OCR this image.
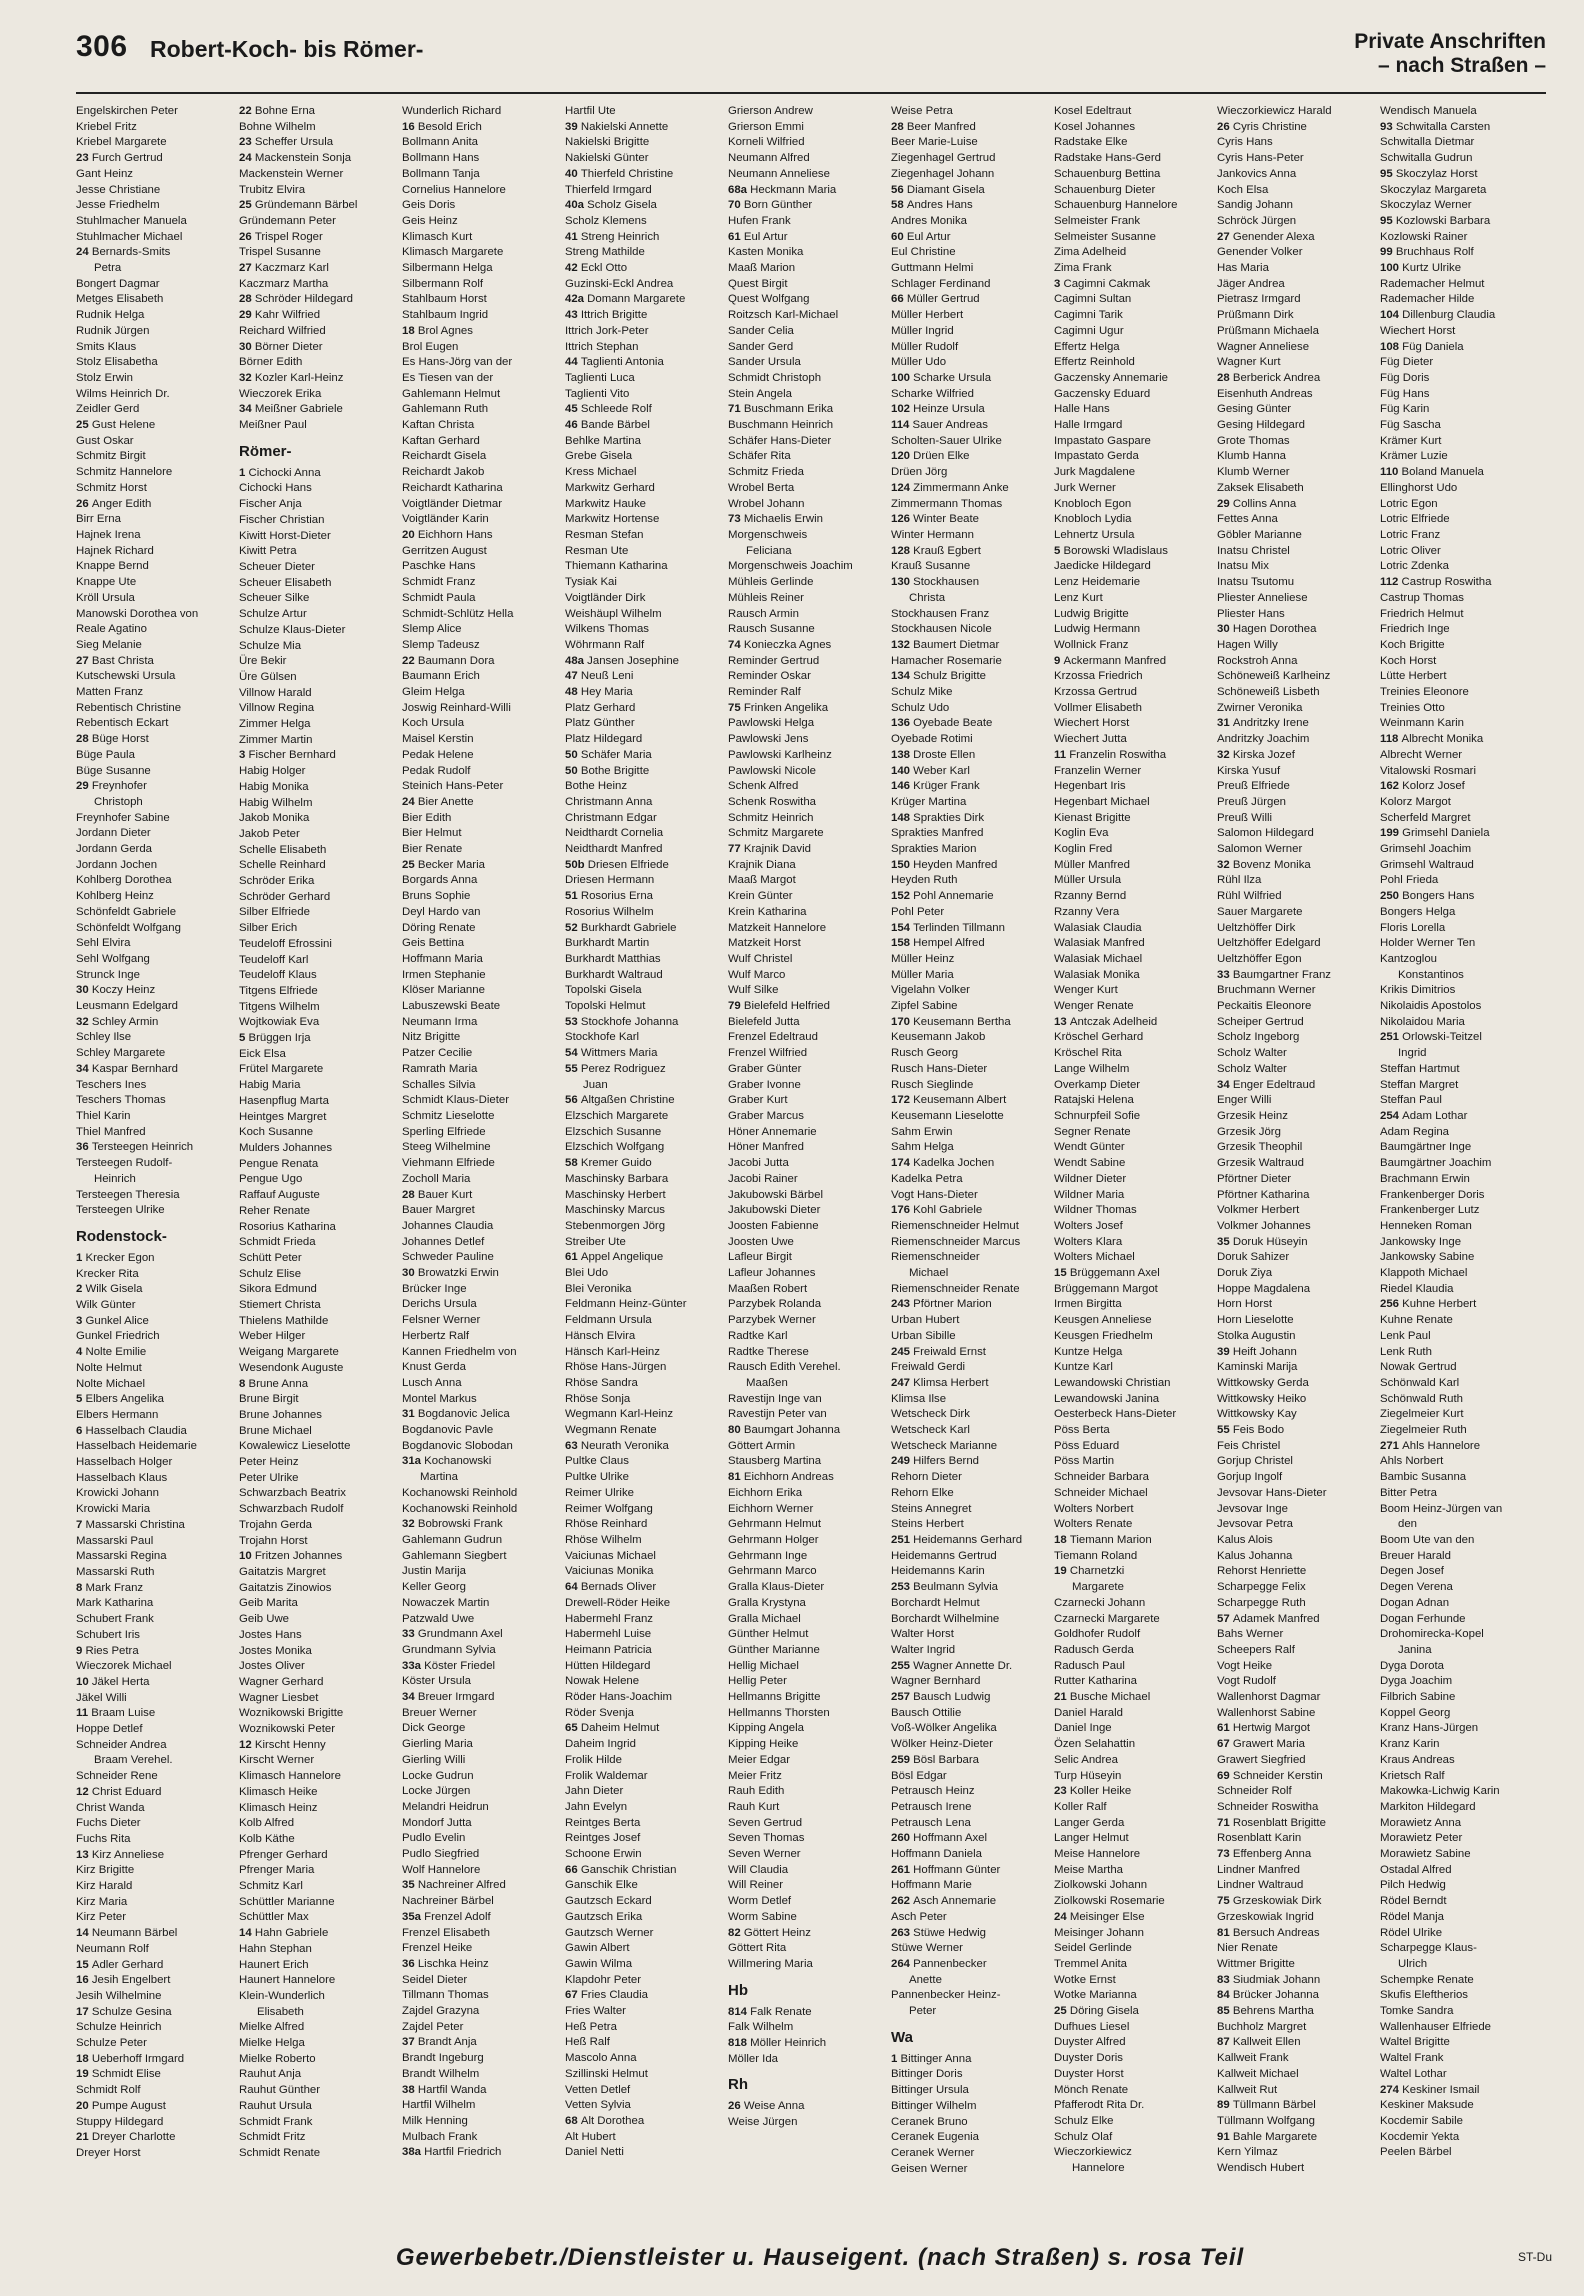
306 Robert-Koch- bis Römer-	Private Anschriften
– nach Straßen –
Engelskirchen Peter
Kriebel Fritz
Kriebel Margarete
23 Furch Gertrud
Gant Heinz
Jesse Christiane
Jesse Friedhelm
Stuhlmacher Manuela
Stuhlmacher Michael
24 Bernards-Smits
Petra
Bongert Dagmar
Metges Elisabeth
Rudnik Helga
Rudnik Jürgen
Smits Klaus
Stolz Elisabetha
Stolz Erwin
Wilms Heinrich Dr.
Zeidler Gerd
25 Gust Helene
Gust Oskar
Schmitz Birgit
Schmitz Hannelore
Schmitz Horst
26 Anger Edith
Birr Erna
Hajnek Irena
Hajnek Richard
Knappe Bernd
Knappe Ute
Kröll Ursula
Manowski Dorothea von
Reale Agatino
Sieg Melanie
27 Bast Christa
Kutschewski Ursula
Matten Franz
Rebentisch Christine
Rebentisch Eckart
28 Büge Horst
Büge Paula
Büge Susanne
29 Freynhofer
Christoph
Freynhofer Sabine
Jordann Dieter
Jordann Gerda
Jordann Jochen
Kohlberg Dorothea
Kohlberg Heinz
Schönfeldt Gabriele
Schönfeldt Wolfgang
Sehl Elvira
Sehl Wolfgang
Strunck Inge
30 Koczy Heinz
Leusmann Edelgard
32 Schley Armin
Schley Ilse
Schley Margarete
34 Kaspar Bernhard
Teschers Ines
Teschers Thomas
Thiel Karin
Thiel Manfred
36 Tersteegen Heinrich
Tersteegen Rudolf-
Heinrich
Tersteegen Theresia
Tersteegen Ulrike
Rodenstock-
1 Krecker Egon
Krecker Rita
2 Wilk Gisela
Wilk Günter
3 Gunkel Alice
Gunkel Friedrich
4 Nolte Emilie
Nolte Helmut
Nolte Michael
5 Elbers Angelika
Elbers Hermann
6 Hasselbach Claudia
Hasselbach Heidemarie
Hasselbach Holger
Hasselbach Klaus
Krowicki Johann
Krowicki Maria
7 Massarski Christina
Massarski Paul
Massarski Regina
Massarski Ruth
8 Mark Franz
Mark Katharina
Schubert Frank
Schubert Iris
9 Ries Petra
Wieczorek Michael
10 Jäkel Herta
Jäkel Willi
11 Braam Luise
Hoppe Detlef
Schneider Andrea
Braam Verehel.
Schneider Rene
12 Christ Eduard
Christ Wanda
Fuchs Dieter
Fuchs Rita
13 Kirz Anneliese
Kirz Brigitte
Kirz Harald
Kirz Maria
Kirz Peter
14 Neumann Bärbel
Neumann Rolf
15 Adler Gerhard
16 Jesih Engelbert
Jesih Wilhelmine
17 Schulze Gesina
Schulze Heinrich
Schulze Peter
18 Ueberhoff Irmgard
19 Schmidt Elise
Schmidt Rolf
20 Pumpe August
Stuppy Hildegard
21 Dreyer Charlotte
Dreyer Horst
22 Bohne Erna
Bohne Wilhelm
23 Scheffer Ursula
24 Mackenstein Sonja
Mackenstein Werner
Trubitz Elvira
25 Gründemann Bärbel
Gründemann Peter
26 Trispel Roger
Trispel Susanne
27 Kaczmarz Karl
Kaczmarz Martha
28 Schröder Hildegard
29 Kahr Wilfried
Reichard Wilfried
30 Börner Dieter
Börner Edith
32 Kozler Karl-Heinz
Wieczorek Erika
34 Meißner Gabriele
Meißner Paul
Römer-
1 Cichocki Anna
Cichocki Hans
Fischer Anja
Fischer Christian
Kiwitt Horst-Dieter
Kiwitt Petra
Scheuer Dieter
Scheuer Elisabeth
Scheuer Silke
Schulze Artur
Schulze Klaus-Dieter
Schulze Mia
Üre Bekir
Üre Gülsen
Villnow Harald
Villnow Regina
Zimmer Helga
Zimmer Martin
3 Fischer Bernhard
Habig Holger
Habig Monika
Habig Wilhelm
Jakob Monika
Jakob Peter
Schelle Elisabeth
Schelle Reinhard
Schröder Erika
Schröder Gerhard
Silber Elfriede
Silber Erich
Teudeloff Efrossini
Teudeloff Karl
Teudeloff Klaus
Titgens Elfriede
Titgens Wilhelm
Wojtkowiak Eva
5 Brüggen Irja
Eick Elsa
Frütel Margarete
Habig Maria
Hasenpflug Marta
Heintges Margret
Koch Susanne
Mulders Johannes
Pengue Renata
Pengue Ugo
Raffauf Auguste
Reher Renate
Rosorius Katharina
Schmidt Frieda
Schütt Peter
Schulz Elise
Sikora Edmund
Stiemert Christa
Thielens Mathilde
Weber Hilger
Weigang Margarete
Wesendonk Auguste
8 Brune Anna
Brune Birgit
Brune Johannes
Brune Michael
Kowalewicz Lieselotte
Peter Heinz
Peter Ulrike
Schwarzbach Beatrix
Schwarzbach Rudolf
Trojahn Gerda
Trojahn Horst
10 Fritzen Johannes
Gaitatzis Margret
Gaitatzis Zinowios
Geib Marita
Geib Uwe
Jostes Hans
Jostes Monika
Jostes Oliver
Wagner Gerhard
Wagner Liesbet
Woznikowski Brigitte
Woznikowski Peter
12 Kirscht Henny
Kirscht Werner
Klimasch Hannelore
Klimasch Heike
Klimasch Heinz
Kolb Alfred
Kolb Käthe
Pfrenger Gerhard
Pfrenger Maria
Schmitz Karl
Schüttler Marianne
Schüttler Max
14 Hahn Gabriele
Hahn Stephan
Haunert Erich
Haunert Hannelore
Klein-Wunderlich
Elisabeth
Mielke Alfred
Mielke Helga
Mielke Roberto
Rauhut Anja
Rauhut Günther
Rauhut Ursula
Schmidt Frank
Schmidt Fritz
Schmidt Renate
Wunderlich Richard
16 Besold Erich
Bollmann Anita
Bollmann Hans
Bollmann Tanja
Cornelius Hannelore
Geis Doris
Geis Heinz
Klimasch Kurt
Klimasch Margarete
Silbermann Helga
Silbermann Rolf
Stahlbaum Horst
Stahlbaum Ingrid
18 Brol Agnes
Brol Eugen
Es Hans-Jörg van der
Es Tiesen van der
Gahlemann Helmut
Gahlemann Ruth
Kaftan Christa
Kaftan Gerhard
Reichardt Gisela
Reichardt Jakob
Reichardt Katharina
Voigtländer Dietmar
Voigtländer Karin
20 Eichhorn Hans
Gerritzen August
Paschke Hans
Schmidt Franz
Schmidt Paula
Schmidt-Schlütz Hella
Slemp Alice
Slemp Tadeusz
22 Baumann Dora
Baumann Erich
Gleim Helga
Joswig Reinhard-Willi
Koch Ursula
Maisel Kerstin
Pedak Helene
Pedak Rudolf
Steinich Hans-Peter
24 Bier Anette
Bier Edith
Bier Helmut
Bier Renate
25 Becker Maria
Borgards Anna
Bruns Sophie
Deyl Hardo van
Döring Renate
Geis Bettina
Hoffmann Maria
Irmen Stephanie
Klöser Marianne
Labuszewski Beate
Neumann Irma
Nitz Brigitte
Patzer Cecilie
Ramrath Maria
Schalles Silvia
Schmidt Klaus-Dieter
Schmitz Lieselotte
Sperling Elfriede
Steeg Wilhelmine
Viehmann Elfriede
Zocholl Maria
28 Bauer Kurt
Bauer Margret
Johannes Claudia
Johannes Detlef
Schweder Pauline
30 Browatzki Erwin
Brücker Inge
Derichs Ursula
Felsner Werner
Herbertz Ralf
Kannen Friedhelm von
Knust Gerda
Lusch Anna
Montel Markus
31 Bogdanovic Jelica
Bogdanovic Pavle
Bogdanovic Slobodan
31a Kochanowski
Martina
Kochanowski Reinhold
Kochanowski Reinhold
32 Bobrowski Frank
Gahlemann Gudrun
Gahlemann Siegbert
Justin Marija
Keller Georg
Nowaczek Martin
Patzwald Uwe
33 Grundmann Axel
Grundmann Sylvia
33a Köster Friedel
Köster Ursula
34 Breuer Irmgard
Breuer Werner
Dick George
Gierling Maria
Gierling Willi
Locke Gudrun
Locke Jürgen
Melandri Heidrun
Mondorf Jutta
Pudlo Evelin
Pudlo Siegfried
Wolf Hannelore
35 Nachreiner Alfred
Nachreiner Bärbel
35a Frenzel Adolf
Frenzel Elisabeth
Frenzel Heike
36 Lischka Heinz
Seidel Dieter
Tillmann Thomas
Zajdel Grazyna
Zajdel Peter
37 Brandt Anja
Brandt Ingeburg
Brandt Wilhelm
38 Hartfil Wanda
Hartfil Wilhelm
Milk Henning
Mulbach Frank
38a Hartfil Friedrich
Hartfil Ute
39 Nakielski Annette
Nakielski Brigitte
Nakielski Günter
40 Thierfeld Christine
Thierfeld Irmgard
40a Scholz Gisela
Scholz Klemens
41 Streng Heinrich
Streng Mathilde
42 Eckl Otto
Guzinski-Eckl Andrea
42a Domann Margarete
43 Ittrich Brigitte
Ittrich Jork-Peter
Ittrich Stephan
44 Taglienti Antonia
Taglienti Luca
Taglienti Vito
45 Schleede Rolf
46 Bande Bärbel
Behlke Martina
Grebe Gisela
Kress Michael
Markwitz Gerhard
Markwitz Hauke
Markwitz Hortense
Resman Stefan
Resman Ute
Thiemann Katharina
Tysiak Kai
Voigtländer Dirk
Weishäupl Wilhelm
Wilkens Thomas
Wöhrmann Ralf
48a Jansen Josephine
47 Neuß Leni
48 Hey Maria
Platz Gerhard
Platz Günther
Platz Hildegard
50 Schäfer Maria
50 Bothe Brigitte
Bothe Heinz
Christmann Anna
Christmann Edgar
Neidthardt Cornelia
Neidthardt Manfred
50b Driesen Elfriede
Driesen Hermann
51 Rosorius Erna
Rosorius Wilhelm
52 Burkhardt Gabriele
Burkhardt Martin
Burkhardt Matthias
Burkhardt Waltraud
Topolski Gisela
Topolski Helmut
53 Stockhofe Johanna
Stockhofe Karl
54 Wittmers Maria
55 Perez Rodriguez
Juan
56 Altgaßen Christine
Elzschich Margarete
Elzschich Susanne
Elzschich Wolfgang
58 Kremer Guido
Maschinsky Barbara
Maschinsky Herbert
Maschinsky Marcus
Stebenmorgen Jörg
Streiber Ute
61 Appel Angelique
Blei Udo
Blei Veronika
Feldmann Heinz-Günter
Feldmann Ursula
Hänsch Elvira
Hänsch Karl-Heinz
Rhöse Hans-Jürgen
Rhöse Sandra
Rhöse Sonja
Wegmann Karl-Heinz
Wegmann Renate
63 Neurath Veronika
Pultke Claus
Pultke Ulrike
Reimer Ulrike
Reimer Wolfgang
Rhöse Reinhard
Rhöse Wilhelm
Vaiciunas Michael
Vaiciunas Monika
64 Bernads Oliver
Drewell-Röder Heike
Habermehl Franz
Habermehl Luise
Heimann Patricia
Hütten Hildegard
Nowak Helene
Röder Hans-Joachim
Röder Svenja
65 Daheim Helmut
Daheim Ingrid
Frolik Hilde
Frolik Waldemar
Jahn Dieter
Jahn Evelyn
Reintges Berta
Reintges Josef
Schoone Erwin
66 Ganschik Christian
Ganschik Elke
Gautzsch Eckard
Gautzsch Erika
Gautzsch Werner
Gawin Albert
Gawin Wilma
Klapdohr Peter
67 Fries Claudia
Fries Walter
Heß Petra
Heß Ralf
Mascolo Anna
Szillinski Helmut
Vetten Detlef
Vetten Sylvia
68 Alt Dorothea
Alt Hubert
Daniel Netti
Grierson Andrew
Grierson Emmi
Korneli Wilfried
Neumann Alfred
Neumann Anneliese
68a Heckmann Maria
70 Born Günther
Hufen Frank
61 Eul Artur
Kasten Monika
Maaß Marion
Quest Birgit
Quest Wolfgang
Roitzsch Karl-Michael
Sander Celia
Sander Gerd
Sander Ursula
Schmidt Christoph
Stein Angela
71 Buschmann Erika
Buschmann Heinrich
Schäfer Hans-Dieter
Schäfer Rita
Schmitz Frieda
Wrobel Berta
Wrobel Johann
73 Michaelis Erwin
Morgenschweis
Feliciana
Morgenschweis Joachim
Mühleis Gerlinde
Mühleis Reiner
Rausch Armin
Rausch Susanne
74 Konieczka Agnes
Reminder Gertrud
Reminder Oskar
Reminder Ralf
75 Frinken Angelika
Pawlowski Helga
Pawlowski Jens
Pawlowski Karlheinz
Pawlowski Nicole
Schenk Alfred
Schenk Roswitha
Schmitz Heinrich
Schmitz Margarete
77 Krajnik David
Krajnik Diana
Maaß Margot
Krein Günter
Krein Katharina
Matzkeit Hannelore
Matzkeit Horst
Wulf Christel
Wulf Marco
Wulf Silke
79 Bielefeld Helfried
Bielefeld Jutta
Frenzel Edeltraud
Frenzel Wilfried
Graber Günter
Graber Ivonne
Graber Kurt
Graber Marcus
Höner Annemarie
Höner Manfred
Jacobi Jutta
Jacobi Rainer
Jakubowski Bärbel
Jakubowski Dieter
Joosten Fabienne
Joosten Uwe
Lafleur Birgit
Lafleur Johannes
Maaßen Robert
Parzybek Rolanda
Parzybek Werner
Radtke Karl
Radtke Therese
Rausch Edith Verehel.
Maaßen
Ravestijn Inge van
Ravestijn Peter van
80 Baumgart Johanna
Göttert Armin
Stausberg Martina
81 Eichhorn Andreas
Eichhorn Erika
Eichhorn Werner
Gehrmann Helmut
Gehrmann Holger
Gehrmann Inge
Gehrmann Marco
Gralla Klaus-Dieter
Gralla Krystyna
Gralla Michael
Günther Helmut
Günther Marianne
Hellig Michael
Hellig Peter
Hellmanns Brigitte
Hellmanns Thorsten
Kipping Angela
Kipping Heike
Meier Edgar
Meier Fritz
Rauh Edith
Rauh Kurt
Seven Gertrud
Seven Thomas
Seven Werner
Will Claudia
Will Reiner
Worm Detlef
Worm Sabine
82 Göttert Heinz
Göttert Rita
Willmering Maria
Hb
814 Falk Renate
Falk Wilhelm
818 Möller Heinrich
Möller Ida
Rh
26 Weise Anna
Weise Jürgen
Weise Petra
28 Beer Manfred
Beer Marie-Luise
Ziegenhagel Gertrud
Ziegenhagel Johann
56 Diamant Gisela
58 Andres Hans
Andres Monika
60 Eul Artur
Eul Christine
Guttmann Helmi
Schlager Ferdinand
66 Müller Gertrud
Müller Herbert
Müller Ingrid
Müller Rudolf
Müller Udo
100 Scharke Ursula
Scharke Wilfried
102 Heinze Ursula
114 Sauer Andreas
Scholten-Sauer Ulrike
120 Drüen Elke
Drüen Jörg
124 Zimmermann Anke
Zimmermann Thomas
126 Winter Beate
Winter Hermann
128 Krauß Egbert
Krauß Susanne
130 Stockhausen
Christa
Stockhausen Franz
Stockhausen Nicole
132 Baumert Dietmar
Hamacher Rosemarie
134 Schulz Brigitte
Schulz Mike
Schulz Udo
136 Oyebade Beate
Oyebade Rotimi
138 Droste Ellen
140 Weber Karl
146 Krüger Frank
Krüger Martina
148 Sprakties Dirk
Sprakties Manfred
Sprakties Marion
150 Heyden Manfred
Heyden Ruth
152 Pohl Annemarie
Pohl Peter
154 Terlinden Tillmann
158 Hempel Alfred
Müller Heinz
Müller Maria
Vigelahn Volker
Zipfel Sabine
170 Keusemann Bertha
Keusemann Jakob
Rusch Georg
Rusch Hans-Dieter
Rusch Sieglinde
172 Keusemann Albert
Keusemann Lieselotte
Sahm Erwin
Sahm Helga
174 Kadelka Jochen
Kadelka Petra
Vogt Hans-Dieter
176 Kohl Gabriele
Riemenschneider Helmut
Riemenschneider Marcus
Riemenschneider
Michael
Riemenschneider Renate
243 Pförtner Marion
Urban Hubert
Urban Sibille
245 Freiwald Ernst
Freiwald Gerdi
247 Klimsa Herbert
Klimsa Ilse
Wetscheck Dirk
Wetscheck Karl
Wetscheck Marianne
249 Hilfers Bernd
Rehorn Dieter
Rehorn Elke
Steins Annegret
Steins Herbert
251 Heidemanns Gerhard
Heidemanns Gertrud
Heidemanns Karin
253 Beulmann Sylvia
Borchardt Helmut
Borchardt Wilhelmine
Walter Horst
Walter Ingrid
255 Wagner Annette Dr.
Wagner Bernhard
257 Bausch Ludwig
Bausch Ottilie
Voß-Wölker Angelika
Wölker Heinz-Dieter
259 Bösl Barbara
Bösl Edgar
Petrausch Heinz
Petrausch Irene
Petrausch Lena
260 Hoffmann Axel
Hoffmann Daniela
261 Hoffmann Günter
Hoffmann Marie
262 Asch Annemarie
Asch Peter
263 Stüwe Hedwig
Stüwe Werner
264 Pannenbecker
Anette
Pannenbecker Heinz-
Peter
Wa
1 Bittinger Anna
Bittinger Doris
Bittinger Ursula
Bittinger Wilhelm
Ceranek Bruno
Ceranek Eugenia
Ceranek Werner
Geisen Werner
Kosel Edeltraut
Kosel Johannes
Radstake Elke
Radstake Hans-Gerd
Schauenburg Bettina
Schauenburg Dieter
Schauenburg Hannelore
Selmeister Frank
Selmeister Susanne
Zima Adelheid
Zima Frank
3 Cagimni Cakmak
Cagimni Sultan
Cagimni Tarik
Cagimni Ugur
Effertz Helga
Effertz Reinhold
Gaczensky Annemarie
Gaczensky Eduard
Halle Hans
Halle Irmgard
Impastato Gaspare
Impastato Gerda
Jurk Magdalene
Jurk Werner
Knobloch Egon
Knobloch Lydia
Lehnertz Ursula
5 Borowski Wladislaus
Jaedicke Hildegard
Lenz Heidemarie
Lenz Kurt
Ludwig Brigitte
Ludwig Hermann
Wollnick Franz
9 Ackermann Manfred
Krzossa Friedrich
Krzossa Gertrud
Vollmer Elisabeth
Wiechert Horst
Wiechert Jutta
11 Franzelin Roswitha
Franzelin Werner
Hegenbart Iris
Hegenbart Michael
Kienast Brigitte
Koglin Eva
Koglin Fred
Müller Manfred
Müller Ursula
Rzanny Bernd
Rzanny Vera
Walasiak Claudia
Walasiak Manfred
Walasiak Michael
Walasiak Monika
Wenger Kurt
Wenger Renate
13 Antczak Adelheid
Kröschel Gerhard
Kröschel Rita
Lange Wilhelm
Overkamp Dieter
Ratajski Helena
Schnurpfeil Sofie
Segner Renate
Wendt Günter
Wendt Sabine
Wildner Dieter
Wildner Maria
Wildner Thomas
Wolters Josef
Wolters Klara
Wolters Michael
15 Brüggemann Axel
Brüggemann Margot
Irmen Birgitta
Keusgen Anneliese
Keusgen Friedhelm
Kuntze Helga
Kuntze Karl
Lewandowski Christian
Lewandowski Janina
Oesterbeck Hans-Dieter
Pöss Berta
Pöss Eduard
Pöss Martin
Schneider Barbara
Schneider Michael
Wolters Norbert
Wolters Renate
18 Tiemann Marion
Tiemann Roland
19 Charnetzki
Margarete
Czarnecki Johann
Czarnecki Margarete
Goldhofer Rudolf
Radusch Gerda
Radusch Paul
Rutter Katharina
21 Busche Michael
Daniel Harald
Daniel Inge
Özen Selahattin
Selic Andrea
Turp Hüseyin
23 Koller Heike
Koller Ralf
Langer Gerda
Langer Helmut
Meise Hannelore
Meise Martha
Ziolkowski Johann
Ziolkowski Rosemarie
24 Meisinger Else
Meisinger Johann
Seidel Gerlinde
Tremmel Anita
Wotke Ernst
Wotke Marianna
25 Döring Gisela
Dufhues Liesel
Duyster Alfred
Duyster Doris
Duyster Horst
Mönch Renate
Pfafferodt Rita Dr.
Schulz Elke
Schulz Olaf
Wieczorkiewicz
Hannelore
Wieczorkiewicz Harald
26 Cyris Christine
Cyris Hans
Cyris Hans-Peter
Jankovics Anna
Koch Elsa
Sandig Johann
Schröck Jürgen
27 Genender Alexa
Genender Volker
Has Maria
Jäger Andrea
Pietrasz Irmgard
Prüßmann Dirk
Prüßmann Michaela
Wagner Anneliese
Wagner Kurt
28 Berberick Andrea
Eisenhuth Andreas
Gesing Günter
Gesing Hildegard
Grote Thomas
Klumb Hanna
Klumb Werner
Zaksek Elisabeth
29 Collins Anna
Fettes Anna
Göbler Marianne
Inatsu Christel
Inatsu Mix
Inatsu Tsutomu
Pliester Anneliese
Pliester Hans
30 Hagen Dorothea
Hagen Willy
Rockstroh Anna
Schöneweiß Karlheinz
Schöneweiß Lisbeth
Zwirner Veronika
31 Andritzky Irene
Andritzky Joachim
32 Kirska Jozef
Kirska Yusuf
Preuß Elfriede
Preuß Jürgen
Preuß Willi
Salomon Hildegard
Salomon Werner
32 Bovenz Monika
Rühl Ilza
Rühl Wilfried
Sauer Margarete
Ueltzhöffer Dirk
Ueltzhöffer Edelgard
Ueltzhöffer Egon
33 Baumgartner Franz
Bruchmann Werner
Peckaitis Eleonore
Scheiper Gertrud
Scholz Ingeborg
Scholz Walter
Scholz Walter
34 Enger Edeltraud
Enger Willi
Grzesik Heinz
Grzesik Jörg
Grzesik Theophil
Grzesik Waltraud
Pförtner Dieter
Pförtner Katharina
Volkmer Herbert
Volkmer Johannes
35 Doruk Hüseyin
Doruk Sahizer
Doruk Ziya
Hoppe Magdalena
Horn Horst
Horn Lieselotte
Stolka Augustin
39 Heift Johann
Kaminski Marija
Wittkowsky Gerda
Wittkowsky Heiko
Wittkowsky Kay
55 Feis Bodo
Feis Christel
Gorjup Christel
Gorjup Ingolf
Jevsovar Hans-Dieter
Jevsovar Inge
Jevsovar Petra
Kalus Alois
Kalus Johanna
Rehorst Henriette
Scharpegge Felix
Scharpegge Ruth
57 Adamek Manfred
Bahs Werner
Scheepers Ralf
Vogt Heike
Vogt Rudolf
Wallenhorst Dagmar
Wallenhorst Sabine
61 Hertwig Margot
67 Grawert Maria
Grawert Siegfried
69 Schneider Kerstin
Schneider Rolf
Schneider Roswitha
71 Rosenblatt Brigitte
Rosenblatt Karin
73 Effenberg Anna
Lindner Manfred
Lindner Waltraud
75 Grzeskowiak Dirk
Grzeskowiak Ingrid
81 Bersuch Andreas
Nier Renate
Wittmer Brigitte
83 Siudmiak Johann
84 Brücker Johanna
85 Behrens Martha
Buchholz Margret
87 Kallweit Ellen
Kallweit Frank
Kallweit Michael
Kallweit Rut
89 Tüllmann Bärbel
Tüllmann Wolfgang
91 Bahle Margarete
Kern Yilmaz
Wendisch Hubert
Wendisch Manuela
93 Schwitalla Carsten
Schwitalla Dietmar
Schwitalla Gudrun
95 Skoczylaz Horst
Skoczylaz Margareta
Skoczylaz Werner
95 Kozlowski Barbara
Kozlowski Rainer
99 Bruchhaus Rolf
100 Kurtz Ulrike
Rademacher Helmut
Rademacher Hilde
104 Dillenburg Claudia
Wiechert Horst
108 Füg Daniela
Füg Dieter
Füg Doris
Füg Hans
Füg Karin
Füg Sascha
Krämer Kurt
Krämer Luzie
110 Boland Manuela
Ellinghorst Udo
Lotric Egon
Lotric Elfriede
Lotric Franz
Lotric Oliver
Lotric Zdenka
112 Castrup Roswitha
Castrup Thomas
Friedrich Helmut
Friedrich Inge
Koch Brigitte
Koch Horst
Lütte Herbert
Treinies Eleonore
Treinies Otto
Weinmann Karin
118 Albrecht Monika
Albrecht Werner
Vitalowski Rosmari
162 Kolorz Josef
Kolorz Margot
Scherfeld Margret
199 Grimsehl Daniela
Grimsehl Joachim
Grimsehl Waltraud
Pohl Frieda
250 Bongers Hans
Bongers Helga
Floris Lorella
Holder Werner Ten
Kantzoglou
Konstantinos
Krikis Dimitrios
Nikolaidis Apostolos
Nikolaidou Maria
251 Orlowski-Teitzel
Ingrid
Steffan Hartmut
Steffan Margret
Steffan Paul
254 Adam Lothar
Adam Regina
Baumgärtner Inge
Baumgärtner Joachim
Brachmann Erwin
Frankenberger Doris
Frankenberger Lutz
Henneken Roman
Jankowsky Inge
Jankowsky Sabine
Klappoth Michael
Riedel Klaudia
256 Kuhne Herbert
Kuhne Renate
Lenk Paul
Lenk Ruth
Nowak Gertrud
Schönwald Karl
Schönwald Ruth
Ziegelmeier Kurt
Ziegelmeier Ruth
271 Ahls Hannelore
Ahls Norbert
Bambic Susanna
Bitter Petra
Boom Heinz-Jürgen van
den
Boom Ute van den
Breuer Harald
Degen Josef
Degen Verena
Dogan Adnan
Dogan Ferhunde
Drohomirecka-Kopel
Janina
Dyga Dorota
Dyga Joachim
Filbrich Sabine
Koppel Georg
Kranz Hans-Jürgen
Kranz Karin
Kraus Andreas
Krietsch Ralf
Makowka-Lichwig Karin
Markiton Hildegard
Morawietz Anna
Morawietz Peter
Morawietz Sabine
Ostadal Alfred
Pilch Hedwig
Rödel Berndt
Rödel Manja
Rödel Ulrike
Scharpegge Klaus-
Ulrich
Schempke Renate
Skufis Eleftherios
Tomke Sandra
Wallenhauser Elfriede
Waltel Brigitte
Waltel Frank
Waltel Lothar
274 Keskiner Ismail
Keskiner Maksude
Kocdemir Sabile
Kocdemir Yekta
Peelen Bärbel
Gewerbebetr./Dienstleister u. Hauseigent. (nach Straßen) s. rosa Teil	ST-Du
